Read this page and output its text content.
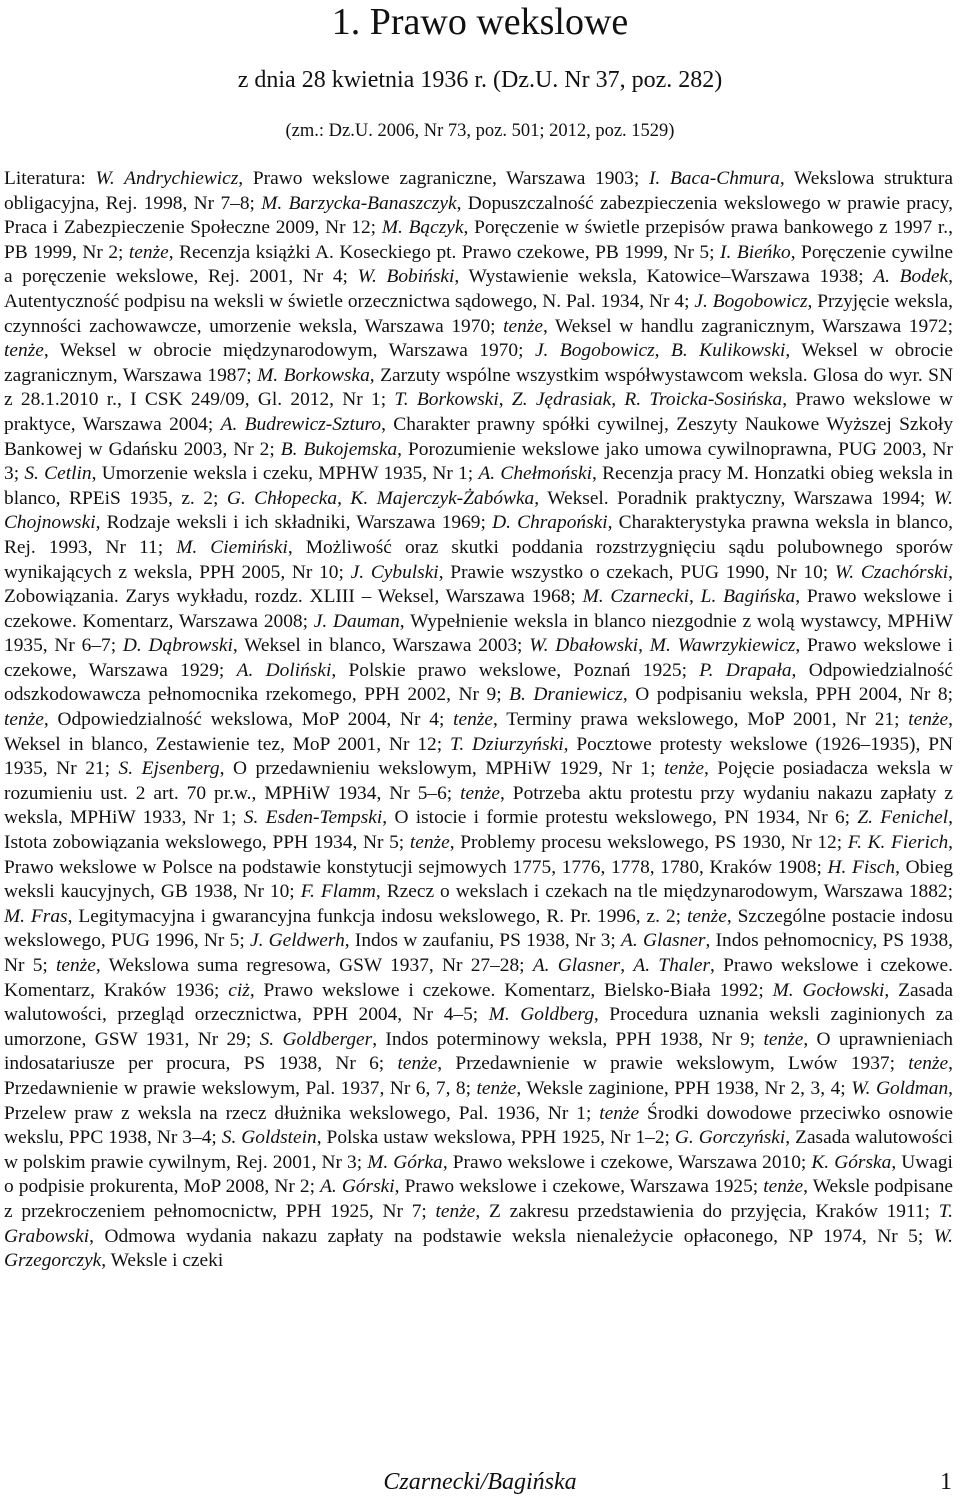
1. Prawo wekslowe
z dnia 28 kwietnia 1936 r. (Dz.U. Nr 37, poz. 282)
(zm.: Dz.U. 2006, Nr 73, poz. 501; 2012, poz. 1529)
Literatura: W. Andrychiewicz, Prawo wekslowe zagraniczne, Warszawa 1903; I. Baca-Chmura, Wekslowa struktura obligacyjna, Rej. 1998, Nr 7–8; M. Barzycka-Banaszczyk, Dopuszczalność zabezpieczenia wekslowego w prawie pracy, Praca i Zabezpieczenie Społeczne 2009, Nr 12; M. Bączyk, Poręczenie w świetle przepisów prawa bankowego z 1997 r., PB 1999, Nr 2; tenże, Recenzja książki A. Koseckiego pt. Prawo czekowe, PB 1999, Nr 5; I. Bieńko, Poręczenie cywilne a poręczenie wekslowe, Rej. 2001, Nr 4; W. Bobiński, Wystawienie weksla, Katowice–Warszawa 1938; A. Bodek, Autentyczność podpisu na weksli w świetle orzecznictwa sądowego, N. Pal. 1934, Nr 4; J. Bogobowicz, Przyjęcie weksla, czynności zachowawcze, umorzenie weksla, Warszawa 1970; tenże, Weksel w handlu zagranicznym, Warszawa 1972; tenże, Weksel w obrocie międzynarodowym, Warszawa 1970; J. Bogobowicz, B. Kulikowski, Weksel w obrocie zagranicznym, Warszawa 1987; M. Borkowska, Zarzuty wspólne wszystkim współwystawcom weksla. Glosa do wyr. SN z 28.1.2010 r., I CSK 249/09, Gl. 2012, Nr 1; T. Borkowski, Z. Jędrasiak, R. Troicka-Sosińska, Prawo wekslowe w praktyce, Warszawa 2004; A. Budrewicz-Szturo, Charakter prawny spółki cywilnej, Zeszyty Naukowe Wyższej Szkoły Bankowej w Gdańsku 2003, Nr 2; B. Bukojemska, Porozumienie wekslowe jako umowa cywilnoprawna, PUG 2003, Nr 3; S. Cetlin, Umorzenie weksla i czeku, MPHW 1935, Nr 1; A. Chełmoński, Recenzja pracy M. Honzatki obieg weksla in blanco, RPEiS 1935, z. 2; G. Chłopecka, K. Majerczyk-Żabówka, Weksel. Poradnik praktyczny, Warszawa 1994; W. Chojnowski, Rodzaje weksli i ich składniki, Warszawa 1969; D. Chrapoński, Charakterystyka prawna weksla in blanco, Rej. 1993, Nr 11; M. Ciemiński, Możliwość oraz skutki poddania rozstrzygnięciu sądu polubownego sporów wynikających z weksla, PPH 2005, Nr 10; J. Cybulski, Prawie wszystko o czekach, PUG 1990, Nr 10; W. Czachórski, Zobowiązania. Zarys wykładu, rozdz. XLIII – Weksel, Warszawa 1968; M. Czarnecki, L. Bagińska, Prawo wekslowe i czekowe. Komentarz, Warszawa 2008; J. Dauman, Wypełnienie weksla in blanco niezgodnie z wolą wystawcy, MPHiW 1935, Nr 6–7; D. Dąbrowski, Weksel in blanco, Warszawa 2003; W. Dbałowski, M. Wawrzykiewicz, Prawo wekslowe i czekowe, Warszawa 1929; A. Doliński, Polskie prawo wekslowe, Poznań 1925; P. Drapała, Odpowiedzialność odszkodowawcza pełnomocnika rzekomego, PPH 2002, Nr 9; B. Draniewicz, O podpisaniu weksla, PPH 2004, Nr 8; tenże, Odpowiedzialność wekslowa, MoP 2004, Nr 4; tenże, Terminy prawa wekslowego, MoP 2001, Nr 21; tenże, Weksel in blanco, Zestawienie tez, MoP 2001, Nr 12; T. Dziurzyński, Pocztowe protesty wekslowe (1926–1935), PN 1935, Nr 21; S. Ejsenberg, O przedawnieniu wekslowym, MPHiW 1929, Nr 1; tenże, Pojęcie posiadacza weksla w rozumieniu ust. 2 art. 70 pr.w., MPHiW 1934, Nr 5–6; tenże, Potrzeba aktu protestu przy wydaniu nakazu zapłaty z weksla, MPHiW 1933, Nr 1; S. Esden-Tempski, O istocie i formie protestu wekslowego, PN 1934, Nr 6; Z. Fenichel, Istota zobowiązania wekslowego, PPH 1934, Nr 5; tenże, Problemy procesu wekslowego, PS 1930, Nr 12; F. K. Fierich, Prawo wekslowe w Polsce na podstawie konstytucji sejmowych 1775, 1776, 1778, 1780, Kraków 1908; H. Fisch, Obieg weksli kaucyjnych, GB 1938, Nr 10; F. Flamm, Rzecz o wekslach i czekach na tle międzynarodowym, Warszawa 1882; M. Fras, Legitymacyjna i gwarancyjna funkcja indosu wekslowego, R. Pr. 1996, z. 2; tenże, Szczególne postacie indosu wekslowego, PUG 1996, Nr 5; J. Geldwerh, Indos w zaufaniu, PS 1938, Nr 3; A. Glasner, Indos pełnomocnicy, PS 1938, Nr 5; tenże, Wekslowa suma regresowa, GSW 1937, Nr 27–28; A. Glasner, A. Thaler, Prawo wekslowe i czekowe. Komentarz, Kraków 1936; ciż, Prawo wekslowe i czekowe. Komentarz, Bielsko-Biała 1992; M. Gocłowski, Zasada walutowości, przegląd orzecznictwa, PPH 2004, Nr 4–5; M. Goldberg, Procedura uznania weksli zaginionych za umorzone, GSW 1931, Nr 29; S. Goldberger, Indos poterminowy weksla, PPH 1938, Nr 9; tenże, O uprawnieniach indosatariusze per procura, PS 1938, Nr 6; tenże, Przedawnienie w prawie wekslowym, Lwów 1937; tenże, Przedawnienie w prawie wekslowym, Pal. 1937, Nr 6, 7, 8; tenże, Weksle zaginione, PPH 1938, Nr 2, 3, 4; W. Goldman, Przelew praw z weksla na rzecz dłużnika wekslowego, Pal. 1936, Nr 1; tenże Środki dowodowe przeciwko osnowie wekslu, PPC 1938, Nr 3–4; S. Goldstein, Polska ustaw wekslowa, PPH 1925, Nr 1–2; G. Gorczyński, Zasada walutowości w polskim prawie cywilnym, Rej. 2001, Nr 3; M. Górka, Prawo wekslowe i czekowe, Warszawa 2010; K. Górska, Uwagi o podpisie prokurenta, MoP 2008, Nr 2; A. Górski, Prawo wekslowe i czekowe, Warszawa 1925; tenże, Weksle podpisane z przekroczeniem pełnomocnictw, PPH 1925, Nr 7; tenże, Z zakresu przedstawienia do przyjęcia, Kraków 1911; T. Grabowski, Odmowa wydania nakazu zapłaty na podstawie weksla nienależycie opłaconego, NP 1974, Nr 5; W. Grzegorczyk, Weksle i czeki
Czarnecki/Bagińska	1
